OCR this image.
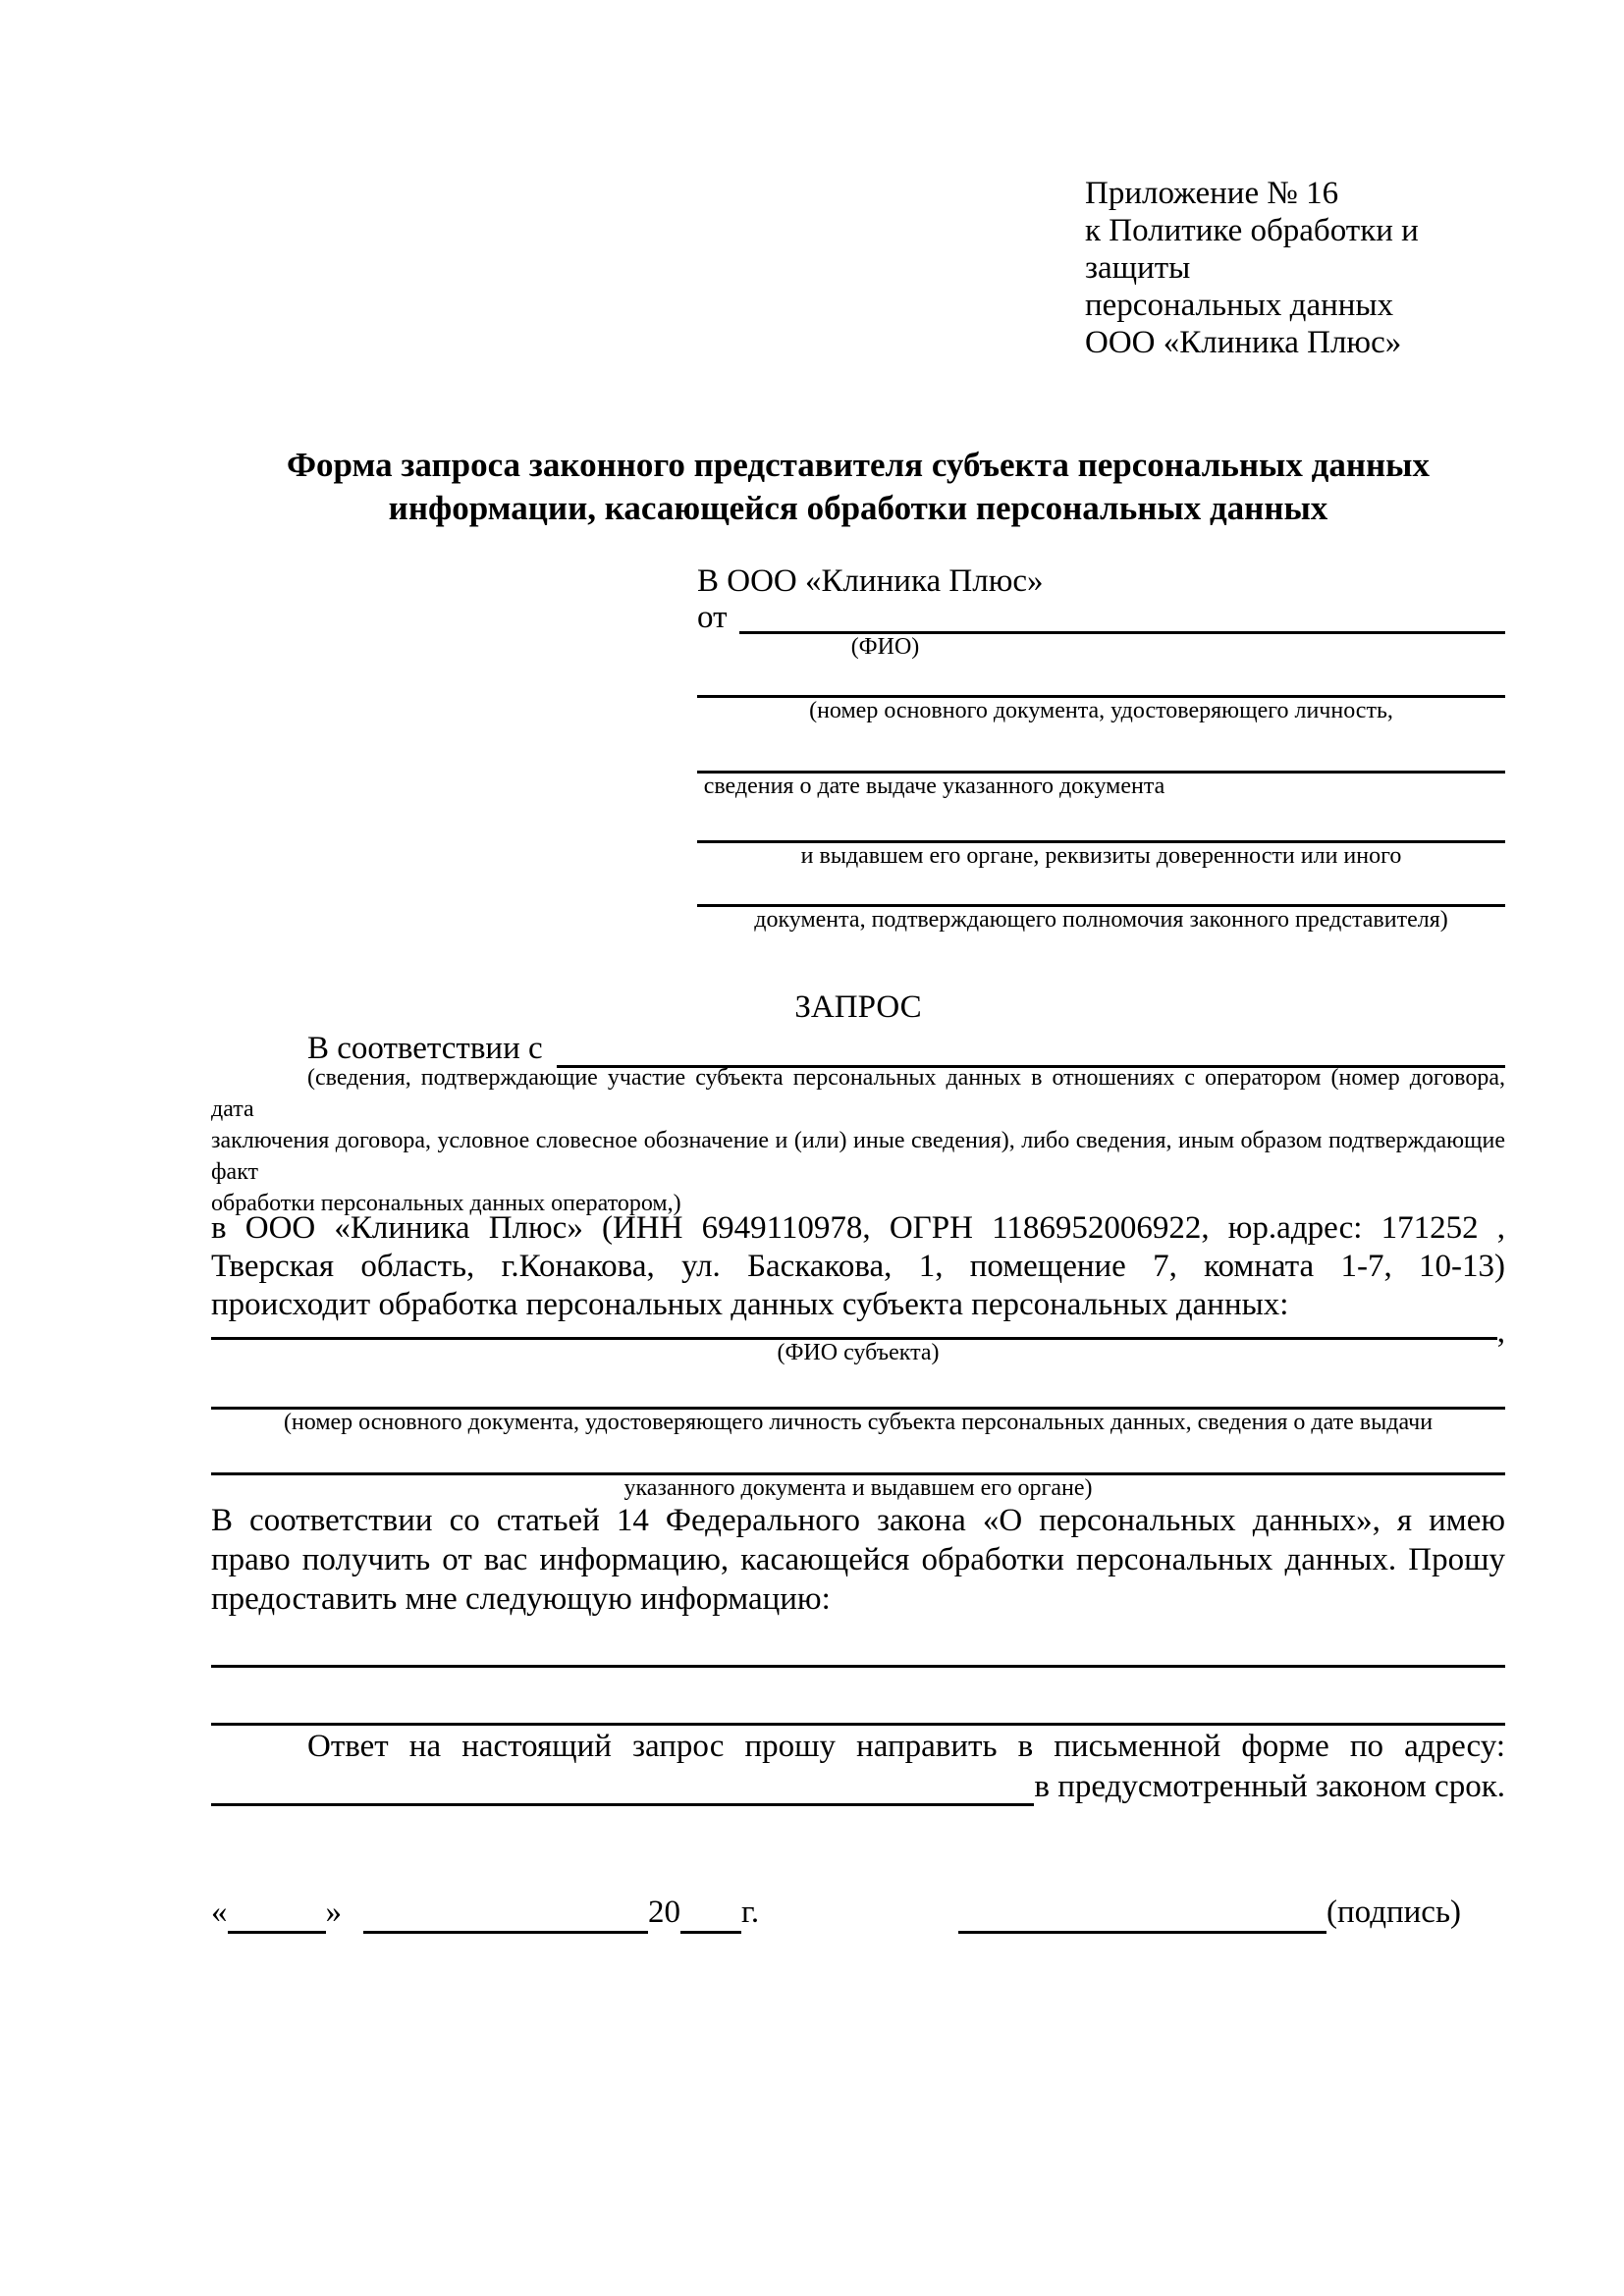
Приложение № 16
к Политике обработки и защиты
персональных данных
ООО «Клиника Плюс»
Форма запроса законного представителя субъекта персональных данных
информации, касающейся обработки персональных данных
В ООО «Клиника Плюс»
от
(ФИО)
(номер основного документа, удостоверяющего личность,
сведения о дате выдаче указанного документа
и выдавшем его органе, реквизиты доверенности или иного
документа, подтверждающего полномочия законного представителя)
ЗАПРОС
В соответствии с
(сведения, подтверждающие участие субъекта персональных данных в отношениях с оператором (номер договора, дата
заключения договора, условное словесное обозначение и (или) иные сведения), либо сведения, иным образом подтверждающие факт
обработки персональных данных оператором,)
в ООО «Клиника Плюс» (ИНН 6949110978, ОГРН 1186952006922, юр.адрес: 171252 ,
Тверская область, г.Конакова, ул. Баскакова, 1, помещение 7, комната 1-7, 10-13)
происходит обработка персональных данных субъекта персональных данных:
,
(ФИО субъекта)
(номер основного документа, удостоверяющего личность субъекта персональных данных, сведения о дате выдачи
указанного документа и выдавшем его органе)
В соответствии со статьей 14 Федерального закона «О персональных данных», я имею
право получить от вас информацию, касающейся обработки персональных данных. Прошу
предоставить мне следующую информацию:
Ответ на настоящий запрос прошу направить в письменной форме по адресу:
в предусмотренный законом срок.
«	»	20 г.	(подпись)
